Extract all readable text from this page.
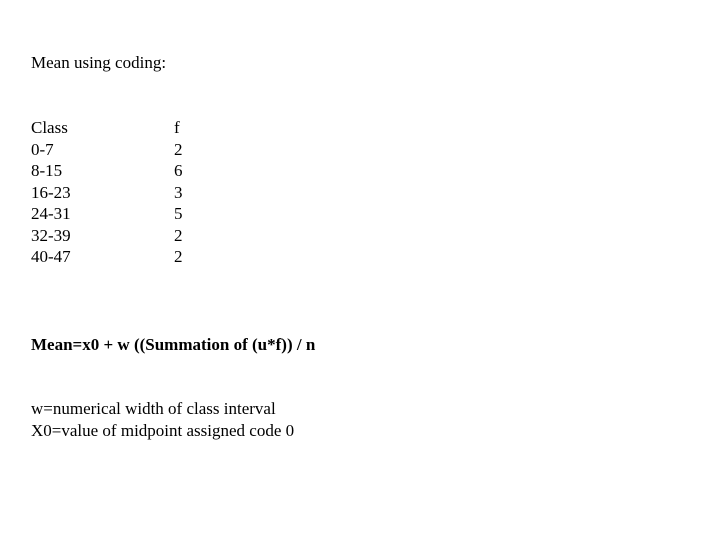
Mean using coding:
Class
0-7
8-15
16-23
24-31
32-39
40-47
f
2
6
3
5
2
2
Mean=x0 + w ((Summation of (u*f)) / n
w=numerical width of class interval
X0=value of midpoint assigned code 0
